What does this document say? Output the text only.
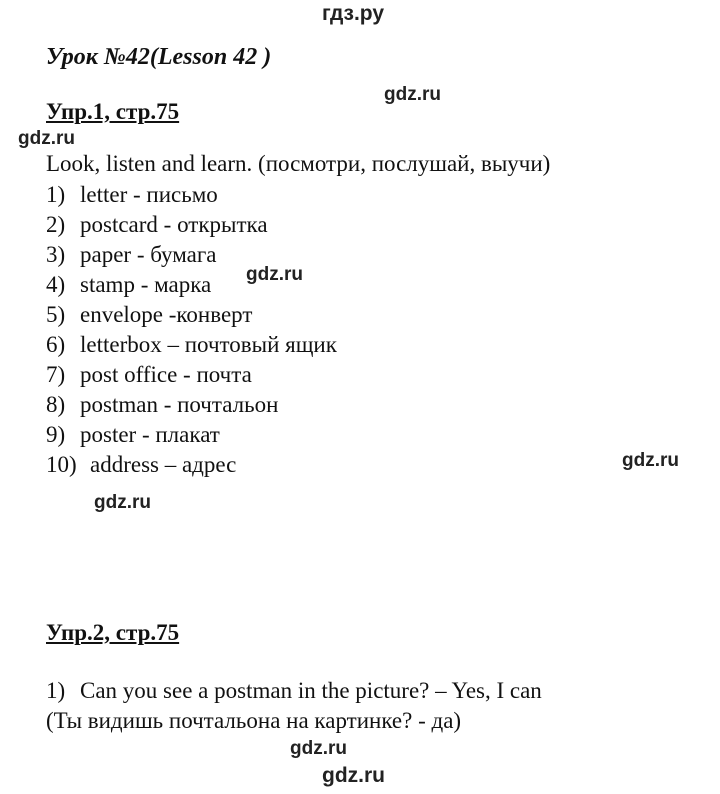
гдз.ру
Урок №42(Lesson 42 )
gdz.ru
Упр.1, стр.75
gdz.ru
Look, listen and learn. (посмотри, послушай, выучи)
1) letter - письмо
2) postcard - открытка
3) paper - бумага
4) stamp - марка
5) envelope -конверт
6) letterbox – почтовый ящик
7) post office - почта
8) postman - почтальон
9) poster - плакат
10) address – адрес
gdz.ru
gdz.ru
gdz.ru
Упр.2, стр.75
1) Can you see a postman in the picture? – Yes, I can
(Ты видишь почтальона на картинке? - да)
gdz.ru
gdz.ru
